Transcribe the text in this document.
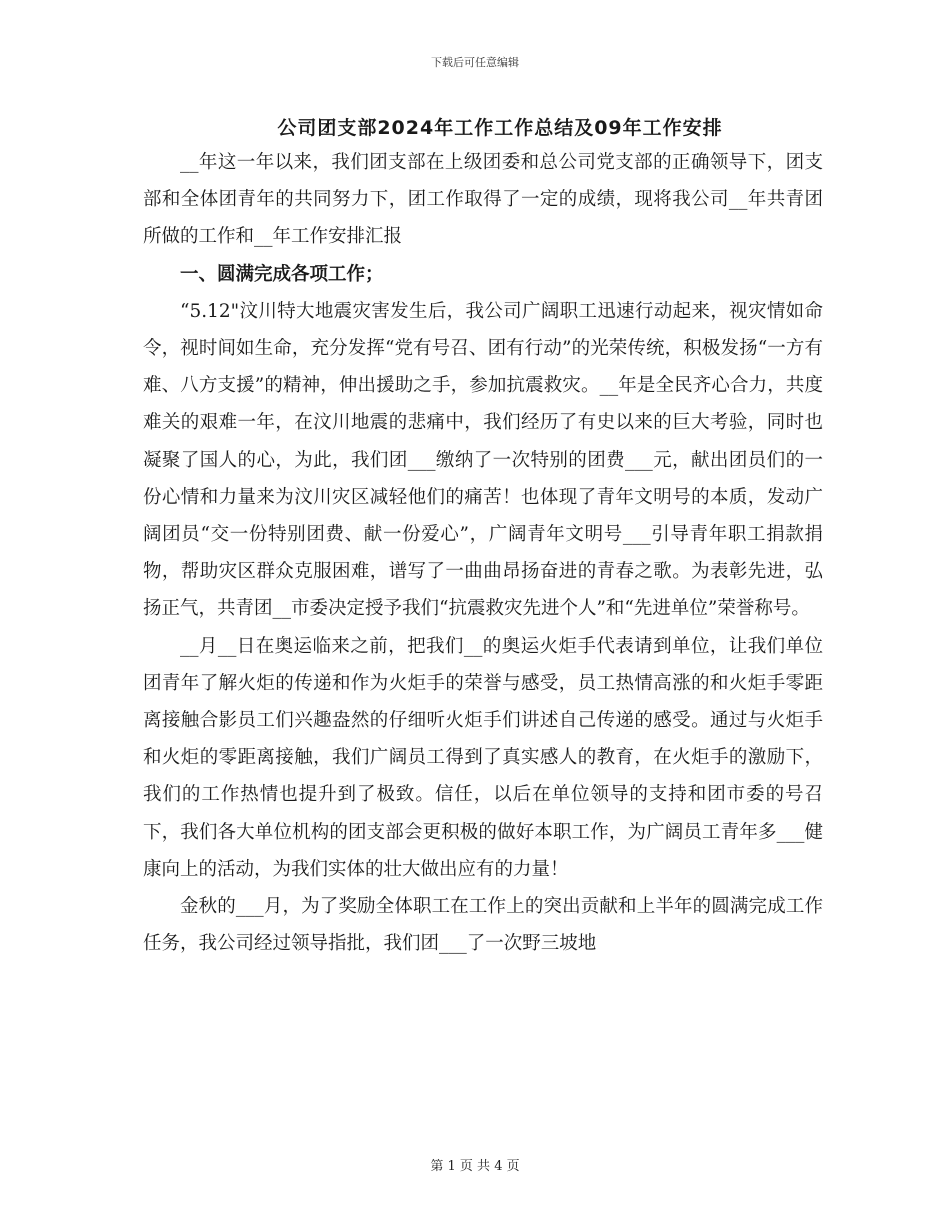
下载后可任意编辑
公司团支部2024年工作工作总结及09年工作安排

__年这一年以来，我们团支部在上级团委和总公司党支部的正确领导下，团支部和全体团青年的共同努力下，团工作取得了一定的成绩，现将我公司__年共青团所做的工作和__年工作安排汇报

一、圆满完成各项工作；

“5.12"汶川特大地震灾害发生后，我公司广阔职工迅速行动起来，视灾情如命令，视时间如生命，充分发挥“党有号召、团有行动”的光荣传统，积极发扬“一方有难、八方支援”的精神，伸出援助之手，参加抗震救灾。__年是全民齐心合力，共度难关的艰难一年，在汶川地震的悲痛中，我们经历了有史以来的巨大考验，同时也凝聚了国人的心，为此，我们团___缴纳了一次特别的团费___元，献出团员们的一份心情和力量来为汶川灾区减轻他们的痛苦！也体现了青年文明号的本质，发动广阔团员“交一份特别团费、献一份爱心”，广阔青年文明号___引导青年职工捐款捐物，帮助灾区群众克服困难，谱写了一曲曲昂扬奋进的青春之歌。为表彰先进，弘扬正气，共青团__市委决定授予我们“抗震救灾先进个人”和“先进单位”荣誉称号。

__月__日在奥运临来之前，把我们__的奥运火炬手代表请到单位，让我们单位团青年了解火炬的传递和作为火炬手的荣誉与感受，员工热情高涨的和火炬手零距离接触合影员工们兴趣盎然的仔细听火炬手们讲述自己传递的感受。通过与火炬手和火炬的零距离接触，我们广阔员工得到了真实感人的教育，在火炬手的激励下，我们的工作热情也提升到了极致。信任，以后在单位领导的支持和团市委的号召下，我们各大单位机构的团支部会更积极的做好本职工作，为广阔员工青年多___健康向上的活动，为我们实体的壮大做出应有的力量！

金秋的___月，为了奖励全体职工在工作上的突出贡献和上半年的圆满完成工作任务，我公司经过领导指批，我们团___了一次野三坡地

第 1 页 共 4 页
